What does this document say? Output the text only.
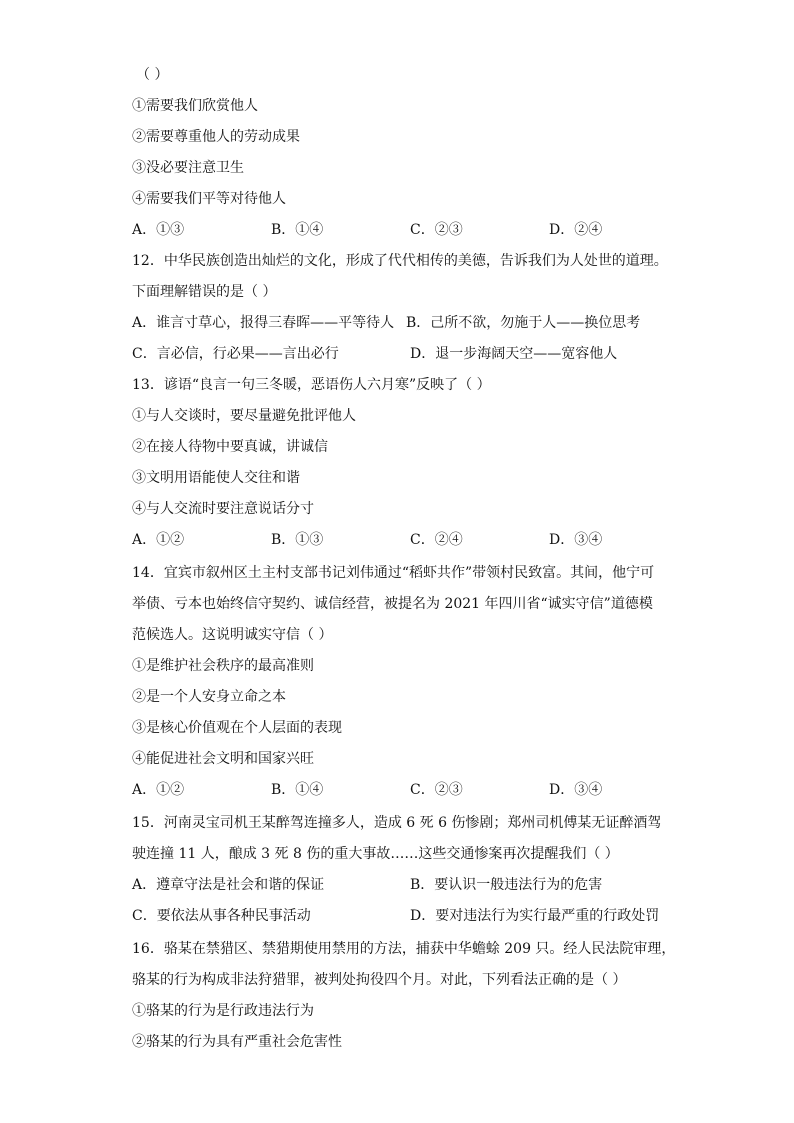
（ ）
①需要我们欣赏他人
②需要尊重他人的劳动成果
③没必要注意卫生
④需要我们平等对待他人
A．①③	B．①④	C．②③	D．②④
12．中华民族创造出灿烂的文化，形成了代代相传的美德，告诉我们为人处世的道理。
下面理解错误的是（ ）
A．谁言寸草心，报得三春晖——平等待人 B．己所不欲，勿施于人——换位思考
C．言必信，行必果——言出必行	D．退一步海阔天空——宽容他人
13．谚语“良言一句三冬暖，恶语伤人六月寒”反映了（ ）
①与人交谈时，要尽量避免批评他人
②在接人待物中要真诚，讲诚信
③文明用语能使人交往和谐
④与人交流时要注意说话分寸
A．①②	B．①③	C．②④	D．③④
14．宜宾市叙州区土主村支部书记刘伟通过“稻虾共作”带领村民致富。其间，他宁可
举债、亏本也始终信守契约、诚信经营，被提名为 2021 年四川省“诚实守信”道德模
范候选人。这说明诚实守信（ ）
①是维护社会秩序的最高准则
②是一个人安身立命之本
③是核心价值观在个人层面的表现
④能促进社会文明和国家兴旺
A．①②	B．①④	C．②③	D．③④
15．河南灵宝司机王某醉驾连撞多人，造成 6 死 6 伤惨剧；郑州司机傅某无证醉酒驾
驶连撞 11 人，酿成 3 死 8 伤的重大事故……这些交通惨案再次提醒我们（ ）
A．遵章守法是社会和谐的保证	B．要认识一般违法行为的危害
C．要依法从事各种民事活动	D．要对违法行为实行最严重的行政处罚
16．骆某在禁猎区、禁猎期使用禁用的方法，捕获中华蟾蜍 209 只。经人民法院审理，
骆某的行为构成非法狩猎罪，被判处拘役四个月。对此，下列看法正确的是（ ）
①骆某的行为是行政违法行为
②骆某的行为具有严重社会危害性
